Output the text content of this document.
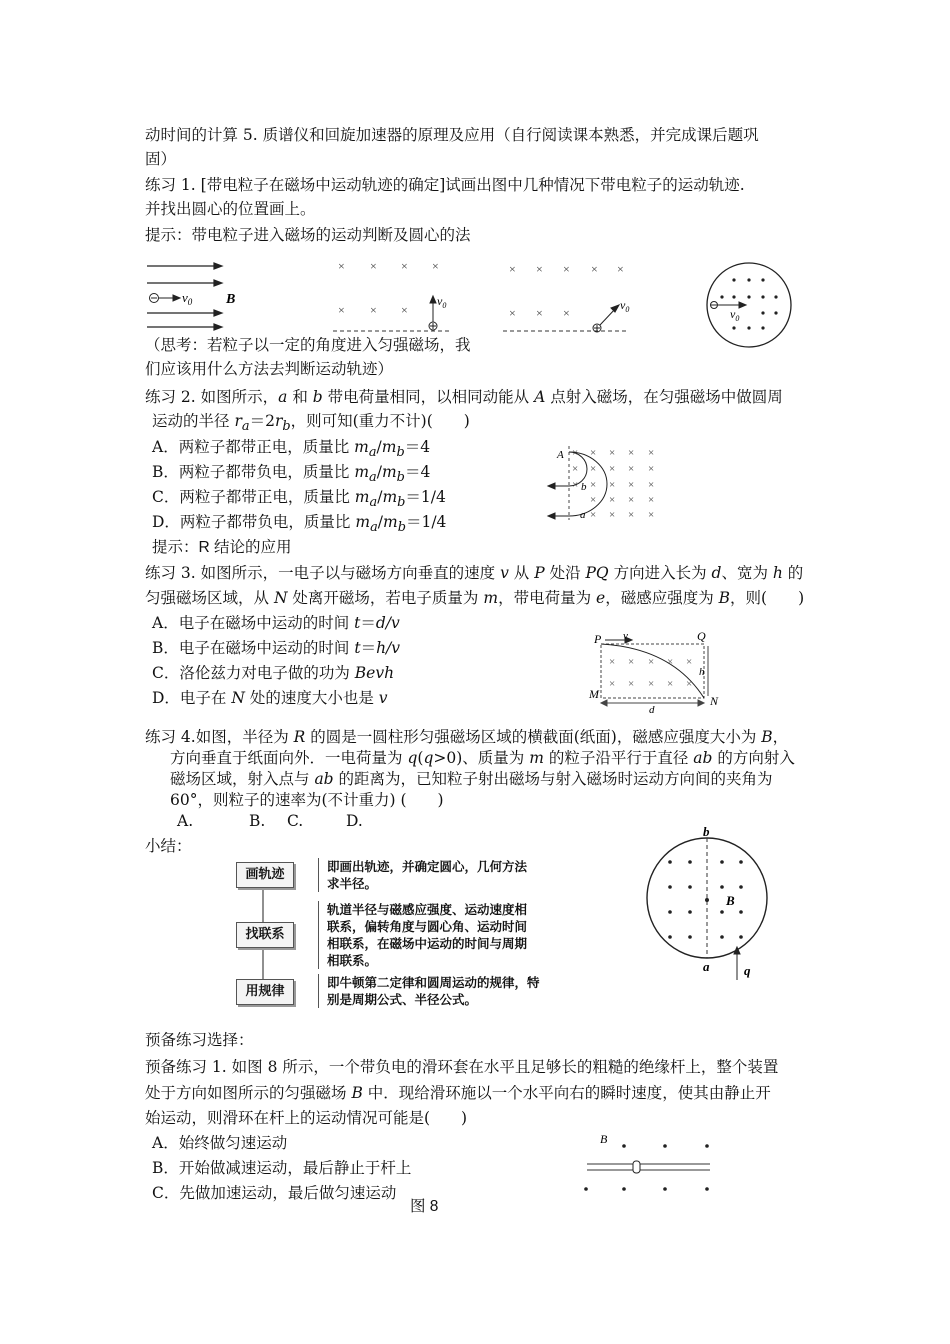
动时间的计算 5. 质谱仪和回旋加速器的原理及应用（自行阅读课本熟悉，并完成课后题巩
固）
练习 1. [带电粒子在磁场中运动轨迹的确定]试画出图中几种情况下带电粒子的运动轨迹.
并找出圆心的位置画上。
提示：带电粒子进入磁场的运动判断及圆心的法
$v_0$ B
× × × ×
× × ×
$v_0$
× × × × ×
× × ×
$v_0$	$v_0$
（思考：若粒子以一定的角度进入匀强磁场，我
们应该用什么方法去判断运动轨迹）
练习 2. 如图所示，a 和 b 带电荷量相同，以相同动能从 A 点射入磁场，在匀强磁场中做圆周
运动的半径 $r_a=2r_b$，则可知(重力不计)(　　)
A．两粒子都带正电，质量比 $m_a/m_b=4$
B．两粒子都带负电，质量比 $m_a/m_b=4$
C．两粒子都带正电，质量比 $m_a/m_b=1/4$
D．两粒子都带负电，质量比 $m_a/m_b=1/4$
提示：R 结论的应用
× × × × ×
× × × × ×
× × × × ×
× × × ×
× × × ×
A
b
a
练习 3. 如图所示，一电子以与磁场方向垂直的速度 v 从 P 处沿 PQ 方向进入长为 d、宽为 h 的
匀强磁场区域，从 N 处离开磁场，若电子质量为 m，带电荷量为 e，磁感应强度为 B，则(　　)
A．电子在磁场中运动的时间 t＝d/v
B．电子在磁场中运动的时间 t＝h/v
C．洛伦兹力对电子做的功为 Bevh
D．电子在 N 处的速度大小也是 v
× × × × ×
× × × × ×
P v	Q
h
M	N
d
练习 4.如图，半径为 R 的圆是一圆柱形匀强磁场区域的横截面(纸面)，磁感应强度大小为 B，
方向垂直于纸面向外．一电荷量为 q(q>0)、质量为 m 的粒子沿平行于直径 ab 的方向射入
磁场区域，射入点与 ab 的距离为，已知粒子射出磁场与射入磁场时运动方向间的夹角为
60°，则粒子的速率为(不计重力) (　　)
A.	B. C.	D.
小结：
画轨迹
即画出轨迹，并确定圆心，几何方法求半径。
找联系
轨道半径与磁感应强度、运动速度相联系，偏转角度与圆心角、运动时间相联系，在磁场中运动的时间与周期相联系。
用规律
即牛顿第二定律和圆周运动的规律，特别是周期公式、半径公式。
b
B
a	q
预备练习选择：
预备练习 1. 如图 8 所示，一个带负电的滑环套在水平且足够长的粗糙的绝缘杆上，整个装置
处于方向如图所示的匀强磁场 B 中．现给滑环施以一个水平向右的瞬时速度，使其由静止开
始运动，则滑环在杆上的运动情况可能是(　　)
A．始终做匀速运动
B．开始做减速运动，最后静止于杆上
C．先做加速运动，最后做匀速运动
图 8
B
